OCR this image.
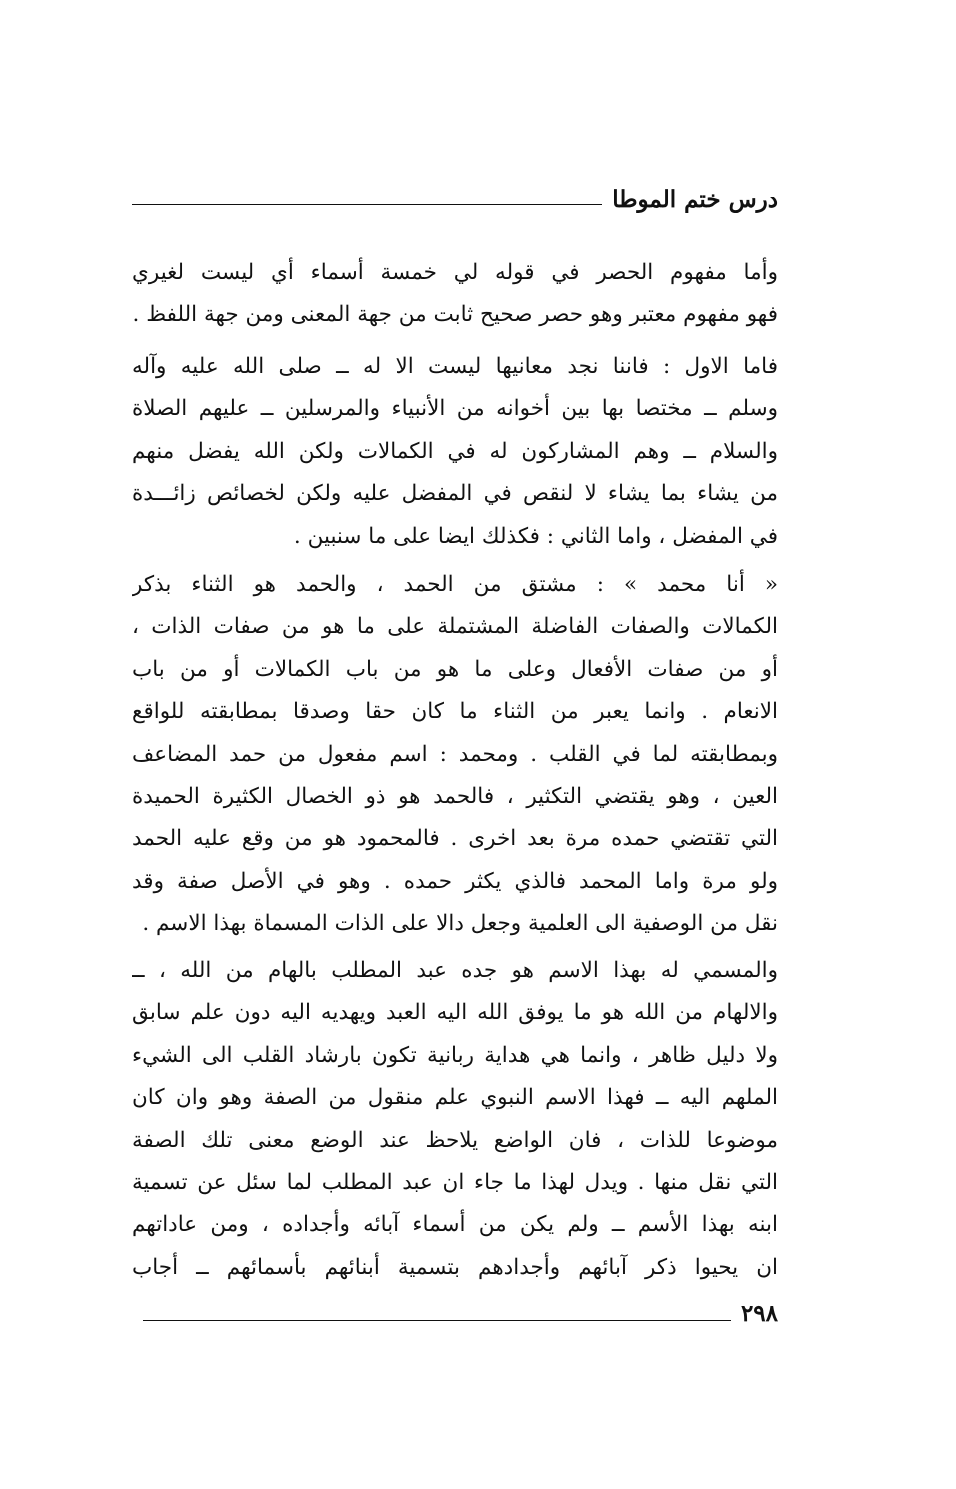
درس ختم الموطا
وأما مفهوم الحصر في قوله لي خمسة أسماء أي ليست لغيري
فهو مفهوم معتبر وهو حصر صحيح ثابت من جهة المعنى ومن جهة اللفظ .
فاما الاول : فاننا نجد معانيها ليست الا له ــ صلى الله عليه وآله
وسلم ــ مختصا بها بين أخوانه من الأنبياء والمرسلين ــ عليهم الصلاة
والسلام ــ وهم المشاركون له في الكمالات ولكن الله يفضل منهم
من يشاء بما يشاء لا لنقص في المفضل عليه ولكن لخصائص زائـــدة
في المفضل ، واما الثاني : فكذلك ايضا على ما سنبين .
« أنا محمد » : مشتق من الحمد ، والحمد هو الثناء بذكر
الكمالات والصفات الفاضلة المشتملة على ما هو من صفات الذات ،
أو من صفات الأفعال وعلى ما هو من باب الكمالات أو من باب
الانعام . وانما يعبر من الثناء ما كان حقا وصدقا بمطابقته للواقع
وبمطابقته لما في القلب . ومحمد : اسم مفعول من حمد المضاعف
العين ، وهو يقتضي التكثير ، فالحمد هو ذو الخصال الكثيرة الحميدة
التي تقتضي حمده مرة بعد اخرى . فالمحمود هو من وقع عليه الحمد
ولو مرة واما المحمد فالذي يكثر حمده . وهو في الأصل صفة وقد
نقل من الوصفية الى العلمية وجعل دالا على الذات المسماة بهذا الاسم .
والمسمي له بهذا الاسم هو جده عبد المطلب بالهام من الله ، ــ
والالهام من الله هو ما يوفق الله اليه العبد ويهديه اليه دون علم سابق
ولا دليل ظاهر ، وانما هي هداية ربانية تكون بارشاد القلب الى الشيء
الملهم اليه ــ فهذا الاسم النبوي علم منقول من الصفة وهو وان كان
موضوعا للذات ، فان الواضع يلاحظ عند الوضع معنى تلك الصفة
التي نقل منها . ويدل لهذا ما جاء ان عبد المطلب لما سئل عن تسمية
ابنه بهذا الأسم ــ ولم يكن من أسماء آبائه وأجداده ، ومن عاداتهم
ان يحيوا ذكر آبائهم وأجدادهم بتسمية أبنائهم بأسمائهم ــ أجاب
٢٩٨
